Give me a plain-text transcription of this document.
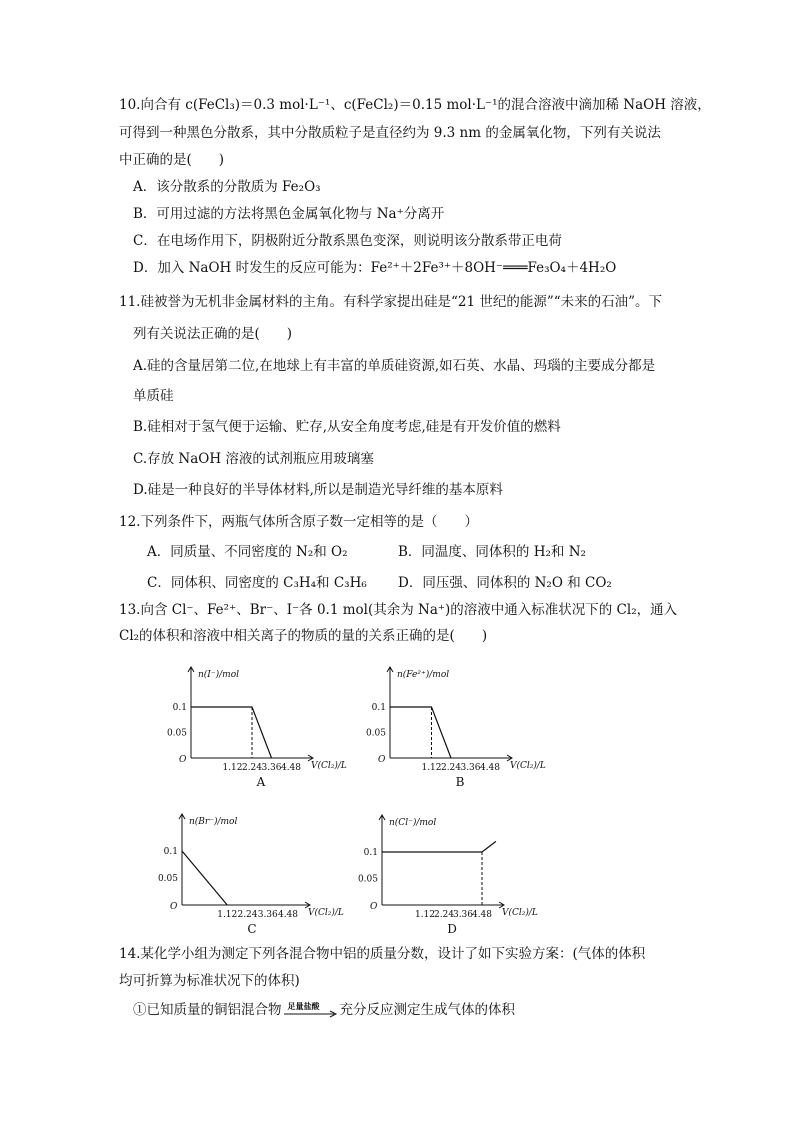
10.向合有 c(FeCl₃)＝0.3 mol·L⁻¹、c(FeCl₂)＝0.15 mol·L⁻¹的混合溶液中滴加稀 NaOH 溶液，
可得到一种黑色分散系，其中分散质粒子是直径约为 9.3 nm 的金属氧化物，下列有关说法
中正确的是(　　)
A．该分散系的分散质为 Fe₂O₃
B．可用过滤的方法将黑色金属氧化物与 Na⁺分离开
C．在电场作用下，阴极附近分散系黑色变深，则说明该分散系带正电荷
D．加入 NaOH 时发生的反应可能为：Fe²⁺＋2Fe³⁺＋8OH⁻═══Fe₃O₄＋4H₂O
11.硅被誉为无机非金属材料的主角。有科学家提出硅是“21 世纪的能源”“未来的石油”。下
列有关说法正确的是(　　)
A.硅的含量居第二位,在地球上有丰富的单质硅资源,如石英、水晶、玛瑙的主要成分都是
单质硅
B.硅相对于氢气便于运输、贮存,从安全角度考虑,硅是有开发价值的燃料
C.存放 NaOH 溶液的试剂瓶应用玻璃塞
D.硅是一种良好的半导体材料,所以是制造光导纤维的基本原料
12.下列条件下，两瓶气体所含原子数一定相等的是（　　）
A．同质量、不同密度的 N₂和 O₂	B．同温度、同体积的 H₂和 N₂
C．同体积、同密度的 C₃H₄和 C₃H₆ D．同压强、同体积的 N₂O 和 CO₂
13.向含 Cl⁻、Fe²⁺、Br⁻、I⁻各 0.1 mol(其余为 Na⁺)的溶液中通入标准状况下的 Cl₂，通入
Cl₂的体积和溶液中相关离子的物质的量的关系正确的是(　　)
n(I⁻)/mol
V(Cl₂)/L
O
1.12 2.24 3.36 4.48
0.1
0.05
A
n(Fe²⁺)/mol
V(Cl₂)/L
O
1.12 2.24 3.36 4.48
0.1
0.05
B
n(Br⁻)/mol
V(Cl₂)/L
O
1.12 2.24 3.36 4.48
0.1
0.05
C
n(Cl⁻)/mol
V(Cl₂)/L
O
1.12
2.24
3.36
4.48
0.1
0.05
D
14.某化学小组为测定下列各混合物中铝的质量分数，设计了如下实验方案：(气体的体积
均可折算为标准状况下的体积)
①已知质量的铜铝混合物 足量盐酸 充分反应测定生成气体的体积
